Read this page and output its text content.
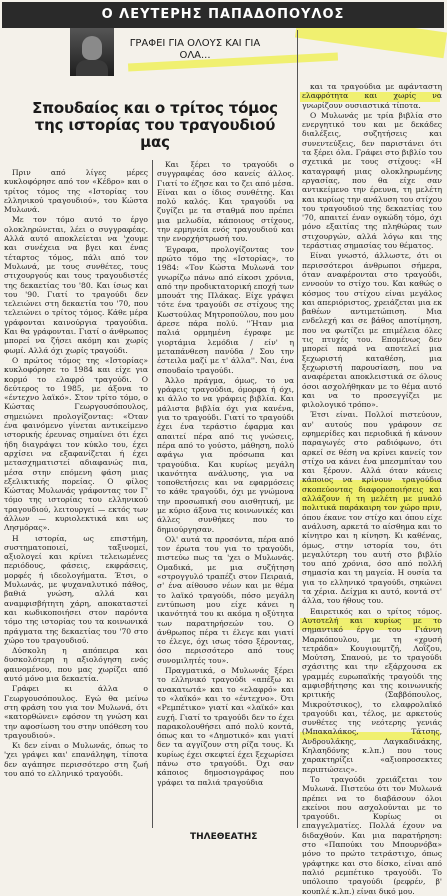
Ο ΛΕΥΤΕΡΗΣ ΠΑΠΑΔΟΠΟΥΛΟΣ
ΓΡΑΦΕΙ ΓΙΑ ΟΛΟΥΣ ΚΑΙ ΓΙΑ ΟΛΑ...
Σπουδαίος και ο τρίτος τόμος της ιστορίας του τραγουδιού μας

Πριν από λίγες μέρες κυκλοφόρησε από τον «Κέδρο» και ο τρίτος τόμος της «Ιστορίας του ελληνικού τραγουδιού», του Κώστα Μυλωνά.

Με τον τόμο αυτό το έργο ολοκληρώνεται, λέει ο συγγραφέας. Αλλά αυτό αποκλείεται να 'χουμε και συνέχεια να βγει και ένας τέταρτος τόμος, πάλι από τον Μυλωνά, με τους συνθέτες, τους στιχουργούς και τους τραγουδιστές της δεκαετίας του '80. Και ίσως και του '90. Γιατί το τραγούδι δεν τελειώνει στη δεκαετία του '70, που τελειώνει ο τρίτος τόμος. Κάθε μέρα γράφονται καινούργια τραγούδια. Και θα γράφονται. Γιατί ο άνθρωπος μπορεί να ζήσει ακόμη και χωρίς φωμί. Αλλά όχι χωρίς τραγούδι.

Ο πρώτος τόμος της «Ιστορίας» κυκλοφόρησε το 1984 και είχε για κορμό το ελαφρό τραγούδι. Ο δεύτερος το 1985, με άξονα το «έντεχνο λαϊκό». Στον τρίτο τόμο, ο Κώστας Γεωργουσόπουλος, σημειώνει προλογίζοντας: «Όταν ένα φαινόμενο γίνεται αντικείμενο ιστορικής έρευνας σημαίνει ότι έχει ήδη διαγράψει τον κύκλο του, έχει αρχίσει να εξαφανίζεται ή έχει μετασχηματιστεί αδιαφανώς πια, μέσα στην επόμενη φάση μιας εξελικτικής πορείας. Ο φίλος Κώστας Μυλωνάς γράφοντας τον Γ' τόμο της ιστορίας του ελληνικού τραγουδιού, λειτουργεί — εκτός των άλλων — κυριολεκτικά και ως Λησμόρας».

Η ιστορία, ως επιστήμη, συστηματοποιεί, ταξινομεί, αξιολογεί και κρίνει τελειωμένες περιόδους, φάσεις, εκφράσεις, μορφές ή ιδεολογήματα. Έτσι, ο Μυλωνάς, με ψυχαναλυτικό πάθος, βαθιά γνώση, αλλά και αναμφισβήτητη χάρη, αποκαταστεί και κωδικοποιήσει στον παρόντα τόμο της ιστορίας του τα κοινωνικά πράγματα της δεκαετίας του '70 στο χώρο του τραγουδιού.

Δύσκολη η απόπειρα και δυσκολότερη η αξιολόγηση ενός φαινομένου, που μας χωρίζει από αυτό μόνο μια δεκαετία.

Γράφει κι άλλα ο Γεωργουσόπουλος. Εγώ θα μείνω στη φράση του για τον Μυλωνά, ότι «κατορθώνει» εφόσον τη γνώση και την αφοσίωση του στην υπόθεση του τραγουδιού».

Κι δεν είναι ο Μυλωνάς, όπως το 'χει γράψει και' επανάληψη, τίποτα δεν αγάπησε περισσότερο στη ζωή του από το ελληνικό τραγούδι.

Και ξέρει το τραγούδι ο συγγραφέας όσο κανείς άλλος. Γιατί το έζησε και το ζει από μέσα. Είναι και ο ίδιος συνθέτης. Και πολύ καλός. Και τραγούδι να ζυγίζει με τα σταθμά που πρέπει μια μελωδία, κάποιους στίχους, την ερμηνεία ενός τραγουδιού και την ενορχήστρωσή του.

Έγραφα, προλογίζοντας τον πρώτο τόμο της «Ιστορίας», το 1984: «Τον Κώστα Μυλωνά τον γνωρίζω πάνω από είκοσι χρόνια, από την προδικτατορική εποχή των μπουάτ της Πλάκας. Είχε γράψει τότε ένα τραγούδι σε στίχους της Κωστούλας Μητροπούλου, που μου άρεσε πάρα πολύ. ''Ήταν μια παλιά ορμημένη έγραφε με γιορτάμια λεμόδια / είν' η μεταπάνθεση πανύδα / Σου την έστειλα μαζί με τ' άλλα''. Ναι, ένα σπουδαίο τραγούδι.

Άλλο πράγμα, όμως, το να γράφεις τραγούδια, όμορφα ή όχι, κι άλλο το να γράφεις βιβλία. Και μάλιστα βιβλία όχι για κανένα, για το τραγούδι. Γιατί το τραγούδι έχει ένα τεράστιο έφαρμα και απαιτεί πέρα από τις γνώσεις, πέρα από το γούστο, μάθηση, πολύ αφάγω για πρόσωπα και τραγούδια. Και κυρίως μεγάλη ικανότητα ανάλυσης, για να τοποθετήσεις και να εφαρμόσεις το κάθε τραγούδι, όχι με γνώμονα την προσωπική σου αισθητική, με με κύριο άξονα τις κοινωνικές και άλλες συνθήκες που το δημιούργησαν.

Ολ' αυτά τα προσόντα, πέρα από τον έρωτα του για το τραγούδι, πιστεύω πως τα 'χει ο Μυλωνάς. Ομαδικά, με μια συζήτηση «στρογγυλό τραπέζι στον Πειραιά, σ' ένα αίθουσο νέων και με θέμα το λαϊκό τραγούδι, πόσο μεγάλη εντύπωση μου είχε κάνει η ικανότητά του κι ακόμα η οξύτητα των παρατηρήσεών του. Ο άνθρωπος πέρα τι έλεγε και γιατί το έλεγε, όχι ισως τόσο ξέροντας, όσο περισσότερο από τους συνομιλητές του».

Πραγματικά, ο Μυλωνάς ξέρει το ελληνικό τραγούδι «απέξω κι ανακατωτά» και το «ελαφρό» και το «λαϊκό» και το «έντεχνο». Ότι «Ρεμπέτικο» γιατί και «λαϊκό» και ευχή. Γιατί το τραγούδι δεν το έχει παρακολουθήσει από πολύ κοντά, όπως και το «Δημοτικό» και γιατί δεν τα αγγίζουν στη ρίζα τους. Κι κυρίως έχει σκεφτεί έχει ξεχωρίσει πάνω στο τραγούδι. Όχι σαν κάποιος δημοσιογράφος που γράφει τα παλιά τραγούδια

και τα τραγούδια με αφάνταστη ελαφρότητα και χωρίς να γνωρίζουν ουσιαστικά τίποτα.

Ο Μυλωνάς με τρία βιβλία στο ενεργητικό του και με δεκάδες διαλέξεις, συζητήσεις και συνεντεύξεις, δεν παριστάνει ότι τα ξέρει όλα. Γράφει στο βιβλίο του σχετικά με τους στίχους: «Η καταγραφή μιας ολοκληρωμένης εργασίας, που θα είχε σαν αντικείμενο την έρευνα, τη μελέτη και κυρίως την ανάλυση του στίχου του τραγουδιού της δεκαετίας του '70, απαιτεί έναν ογκώδη τόμο, όχι μόνο εξαιτίας της πληθώρας των στιχουργών, αλλά λόγω και της τεράστιας σημασίας του θέματος.

Είναι γνωστό, άλλωστε, ότι οι περισσότεροι άνθρωποι σήμερα, όταν αναφέρονται στο τραγούδι, εννοούν το στίχο του. Και καθώς ο κόσμος του στίχου είναι μεγάλος και απεριόριστος, χρειάζεται μια εκ βαθέων αντιμετώπιση. Μια ενδελεχή και σε βάθος αποτίμηση, που να φωτίζει με επιμέλεια όλες τις πτυχές του. Επομένως δεν μπορεί παρά να αποτελεί μια ξεχωριστή καταθέση, μια ξεχωριστή παρουσίαση, που να αναφέρεται αποκλειστικά σε όλους όσοι ασχολήθηκαν με το θέμα αυτό και να το προσεγγίζει με φιλολογικό τρόπο».

Έτσι είναι. Πολλοί πιστεύουν, αν' αυτούς που γράφουν σε εφημερίδες και περιοδικά ή κάνουν παραγωγές στο ραδιόφωνο, ότι αρκεί σε θέση να κρίνει κανείς τον στίχο να κάνει ένα μπεσμπίταν του και ξέρουν. Αλλά όταν κάνεις κάποιος να κρίνουν τραγούδια σκοπεύοντας διαφοροποιήσεις και αλλάζουν ή τη μελέτη με μυαλό πολιτικά παράκαιρη τον χώρο πριν, όπου έκανε τον στίχο και όπου είχε ανάλυση, αρκετά το αίσθημα και το κίνητρο και η κίνηση. Κι καθένας, όμως, στην ιστορία του, ότι μεγαλύτερη του αυτή στο βιβλίο του από χρόνια, όσο από πολλή σημασία και τη μαγεία. Η ουσία τα για το ελληνικό τραγούδι, σηκώνει τα χέρια. Δείχμα κι αυτό, κοντά στ' άλλα, του ήθους του.

Εαιρετικός και ο τρίτος τόμος. Αυτοτελή και κυρίως με το σημαντικό έργο του Γιάννη Μαρκόπουλου, με τη «χρυσή τετράδα» Κουγιουμτζή, Λοΐζου, Μούτση, Σπανού, με το τραγούδι σχάσιτης και την εξάρχουσα εκ γραμμές ευρωπαϊκής τραγούδι της αμφισβήτησης και της κοινωνικής κριτικής (Σαββόπουλος, Μικρούτσικος), το ελαφρολαϊκό τραγούδι και, τέλος, με αρκετούς συνθέτες της νεότερης γενιάς (Μπακαλάκος, Τάτσης, Ανδρουλάκης, Λαγκαδινάκης, Κηλαηδόνης κ.λπ.) που τους χαρακτηρίζει «αξιοπροσεκτες περιπτώσεις».

Το τραγούδι χρειάζεται τον Μυλωνά. Πιστεύω ότι τον Μυλωνά πρέπει να το διαβάσουν όλοι εκείνοι που ασχολούνται με το τραγούδι. Κυρίως οι επαγγελματίες. Πολλά έχουν να διδαχθούν. Και μια παρατήρηση: στο «Παπούκι του Μπουρνόβα» μόνο το πρώτο τετράστιχο, όπως γράφτηκε και στο δίσκο, είναι από παλιό ρεμπέτικο τραγούδι. Το υπόλοιπο τραγούδι (ρεφρέν, β' κουπλέ κ.λπ.) είναι δικό μου.

ΤΗΛΕΘΕΑΤΗΣ
